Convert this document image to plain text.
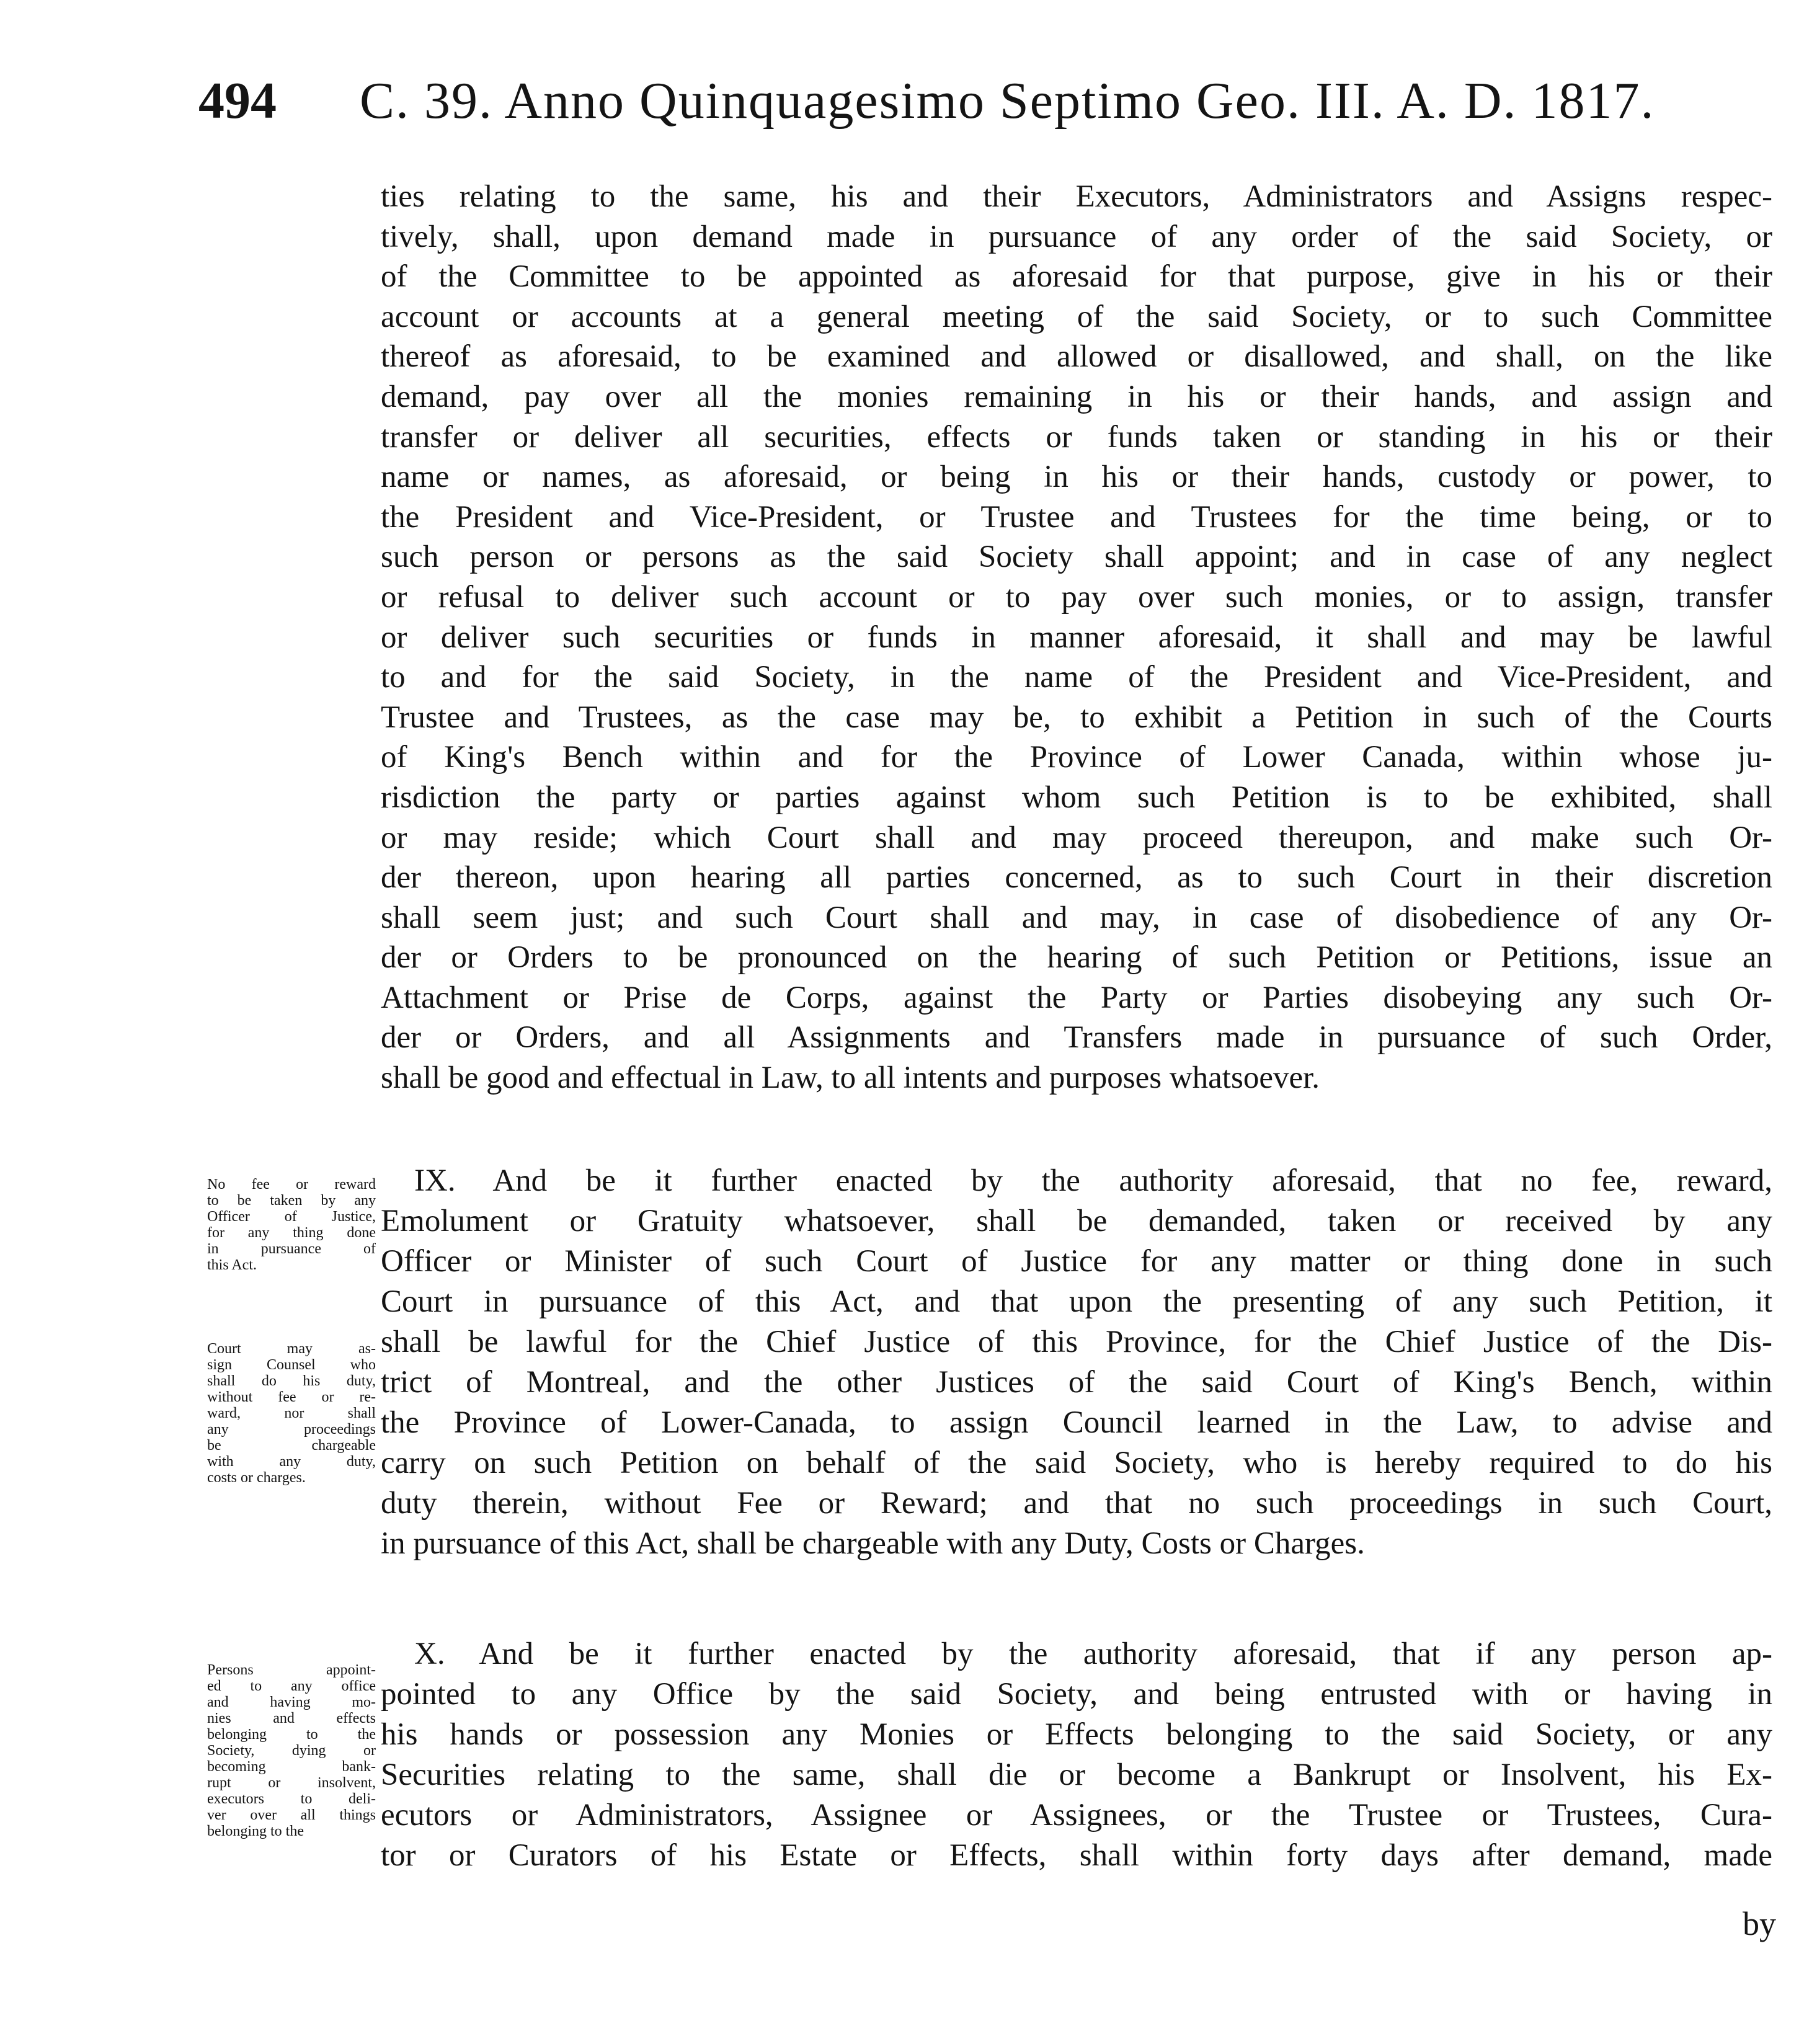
494	C. 39. Anno Quinquagesimo Septimo Geo. III. A. D. 1817.
ties relating to the same, his and their Executors, Administrators and Assigns respec-
tively, shall, upon demand made in pursuance of any order of the said Society, or
of the Committee to be appointed as aforesaid for that purpose, give in his or their
account or accounts at a general meeting of the said Society, or to such Committee
thereof as aforesaid, to be examined and allowed or disallowed, and shall, on the like
demand, pay over all the monies remaining in his or their hands, and assign and
transfer or deliver all securities, effects or funds taken or standing in his or their
name or names, as aforesaid, or being in his or their hands, custody or power, to
the President and Vice-President, or Trustee and Trustees for the time being, or to
such person or persons as the said Society shall appoint; and in case of any neglect
or refusal to deliver such account or to pay over such monies, or to assign, transfer
or deliver such securities or funds in manner aforesaid, it shall and may be lawful
to and for the said Society, in the name of the President and Vice-President, and
Trustee and Trustees, as the case may be, to exhibit a Petition in such of the Courts
of King's Bench within and for the Province of Lower Canada, within whose ju-
risdiction the party or parties against whom such Petition is to be exhibited, shall
or may reside; which Court shall and may proceed thereupon, and make such Or-
der thereon, upon hearing all parties concerned, as to such Court in their discretion
shall seem just; and such Court shall and may, in case of disobedience of any Or-
der or Orders to be pronounced on the hearing of such Petition or Petitions, issue an
Attachment or Prise de Corps, against the Party or Parties disobeying any such Or-
der or Orders, and all Assignments and Transfers made in pursuance of such Order,
shall be good and effectual in Law, to all intents and purposes whatsoever.
No fee or reward
to be taken by any
Officer of Justice,
for any thing done
in pursuance of
this Act.
IX. And be it further enacted by the authority aforesaid, that no fee, reward,
Emolument or Gratuity whatsoever, shall be demanded, taken or received by any
Officer or Minister of such Court of Justice for any matter or thing done in such
Court in pursuance of this Act, and that upon the presenting of any such Petition, it
shall be lawful for the Chief Justice of this Province, for the Chief Justice of the Dis-
trict of Montreal, and the other Justices of the said Court of King's Bench, within
the Province of Lower-Canada, to assign Council learned in the Law, to advise and
carry on such Petition on behalf of the said Society, who is hereby required to do his
duty therein, without Fee or Reward; and that no such proceedings in such Court,
in pursuance of this Act, shall be chargeable with any Duty, Costs or Charges.
Court may as-
sign Counsel who
shall do his duty,
without fee or re-
ward, nor shall
any proceedings
be chargeable
with any duty,
costs or charges.
X. And be it further enacted by the authority aforesaid, that if any person ap-
pointed to any Office by the said Society, and being entrusted with or having in
his hands or possession any Monies or Effects belonging to the said Society, or any
Securities relating to the same, shall die or become a Bankrupt or Insolvent, his Ex-
ecutors or Administrators, Assignee or Assignees, or the Trustee or Trustees, Cura-
tor or Curators of his Estate or Effects, shall within forty days after demand, made
Persons appoint-
ed to any office
and having mo-
nies and effects
belonging to the
Society, dying or
becoming bank-
rupt or insolvent,
executors to deli-
ver over all things
belonging to the
by
